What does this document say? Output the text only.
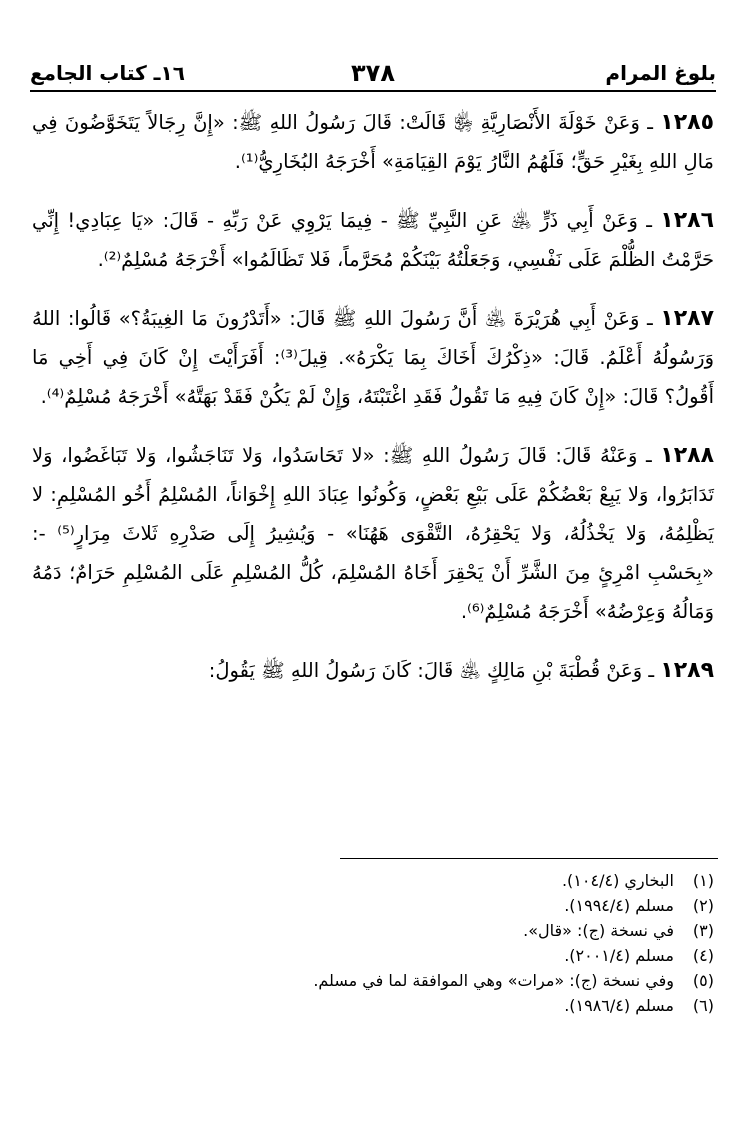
بلوغ المرام
٣٧٨
١٦ـ كتاب الجامع

١٢٨٥ ـ وَعَنْ خَوْلَةَ الأَنْصَارِيَّةِ ﵂ قَالَتْ: قَالَ رَسُولُ اللهِ ﷺ: «إِنَّ رِجَالاً يَتَخَوَّضُونَ فِي مَالِ اللهِ بِغَيْرِ حَقٍّ؛ فَلَهُمُ النَّارُ يَوْمَ القِيَامَةِ» أَخْرَجَهُ البُخَارِيُّ⁽¹⁾.

١٢٨٦ ـ وَعَنْ أَبِي ذَرٍّ ﵁ عَنِ النَّبِيِّ ﷺ - فِيمَا يَرْوِي عَنْ رَبِّهِ - قَالَ: «يَا عِبَادِي! إِنِّي حَرَّمْتُ الظُّلْمَ عَلَى نَفْسِي، وَجَعَلْتُهُ بَيْنَكُمْ مُحَرَّماً، فَلا تَظَالَمُوا» أَخْرَجَهُ مُسْلِمٌ⁽²⁾.

١٢٨٧ ـ وَعَنْ أَبِي هُرَيْرَةَ ﵁ أَنَّ رَسُولَ اللهِ ﷺ قَالَ: «أَتَدْرُونَ مَا الغِيبَةُ؟» قَالُوا: اللهُ وَرَسُولُهُ أَعْلَمُ. قَالَ: «ذِكْرُكَ أَخَاكَ بِمَا يَكْرَهُ». قِيلَ⁽³⁾: أَفَرَأَيْتَ إِنْ كَانَ فِي أَخِي مَا أَقُولُ؟ قَالَ: «إِنْ كَانَ فِيهِ مَا تَقُولُ فَقَدِ اغْتَبْتَهُ، وَإِنْ لَمْ يَكُنْ فَقَدْ بَهَتَّهُ» أَخْرَجَهُ مُسْلِمٌ⁽⁴⁾.

١٢٨٨ ـ وَعَنْهُ قَالَ: قَالَ رَسُولُ اللهِ ﷺ: «لا تَحَاسَدُوا، وَلا تَنَاجَشُوا، وَلا تَبَاغَضُوا، وَلا تَدَابَرُوا، وَلا يَبِعْ بَعْضُكُمْ عَلَى بَيْعِ بَعْضٍ، وَكُونُوا عِبَادَ اللهِ إِخْوَاناً، المُسْلِمُ أَخُو المُسْلِمِ: لا يَظْلِمُهُ، وَلا يَخْذُلُهُ، وَلا يَحْقِرُهُ، التَّقْوَى هَهُنَا» - وَيُشِيرُ إِلَى صَدْرِهِ ثَلاثَ مِرَارٍ⁽⁵⁾ -: «بِحَسْبِ امْرِئٍ مِنَ الشَّرِّ أَنْ يَحْقِرَ أَخَاهُ المُسْلِمَ، كُلُّ المُسْلِمِ عَلَى المُسْلِمِ حَرَامٌ؛ دَمُهُ وَمَالُهُ وَعِرْضُهُ» أَخْرَجَهُ مُسْلِمٌ⁽⁶⁾.

١٢٨٩ ـ وَعَنْ قُطْبَةَ بْنِ مَالِكٍ ﵁ قَالَ: كَانَ رَسُولُ اللهِ ﷺ يَقُولُ:

(١)البخاري (١٠٤/٤).
(٢)مسلم (١٩٩٤/٤).
(٣)في نسخة (ج): «قال».
(٤)مسلم (٢٠٠١/٤).
(٥)وفي نسخة (ج): «مرات» وهي الموافقة لما في مسلم.
(٦)مسلم (١٩٨٦/٤).
